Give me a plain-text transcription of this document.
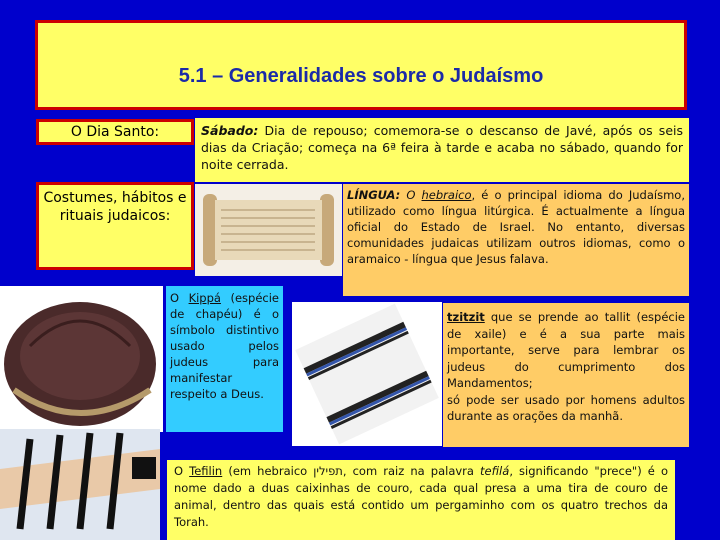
5.1 – Generalidades sobre o Judaísmo
O Dia Santo:
Costumes, hábitos e rituais judaicos:
Sábado: Dia de repouso; comemora-se o descanso de Javé, após os seis dias da Criação; começa na 6ª feira à tarde e acaba no sábado, quando for noite cerrada.
LÍNGUA: O hebraico, é o principal idioma do Judaísmo, utilizado como língua litúrgica. É actualmente a língua oficial do Estado de Israel. No entanto, diversas comunidades judaicas utilizam outros idiomas, como o aramaico - língua que Jesus falava.
O Kippá (espécie de chapéu) é o símbolo distintivo usado pelos judeus para manifestar respeito a Deus.
tzitzit que se prende ao tallit (espécie de xaile) e é a sua parte mais importante, serve para lembrar os judeus do cumprimento dos Mandamentos;
só pode ser usado por homens adultos durante as orações da manhã.
O Tefilin (em hebraico תפילין, com raiz na palavra tefilá, significando "prece") é o nome dado a duas caixinhas de couro, cada qual presa a uma tira de couro de animal, dentro das quais está contido um pergaminho com os quatro trechos da Torah.
